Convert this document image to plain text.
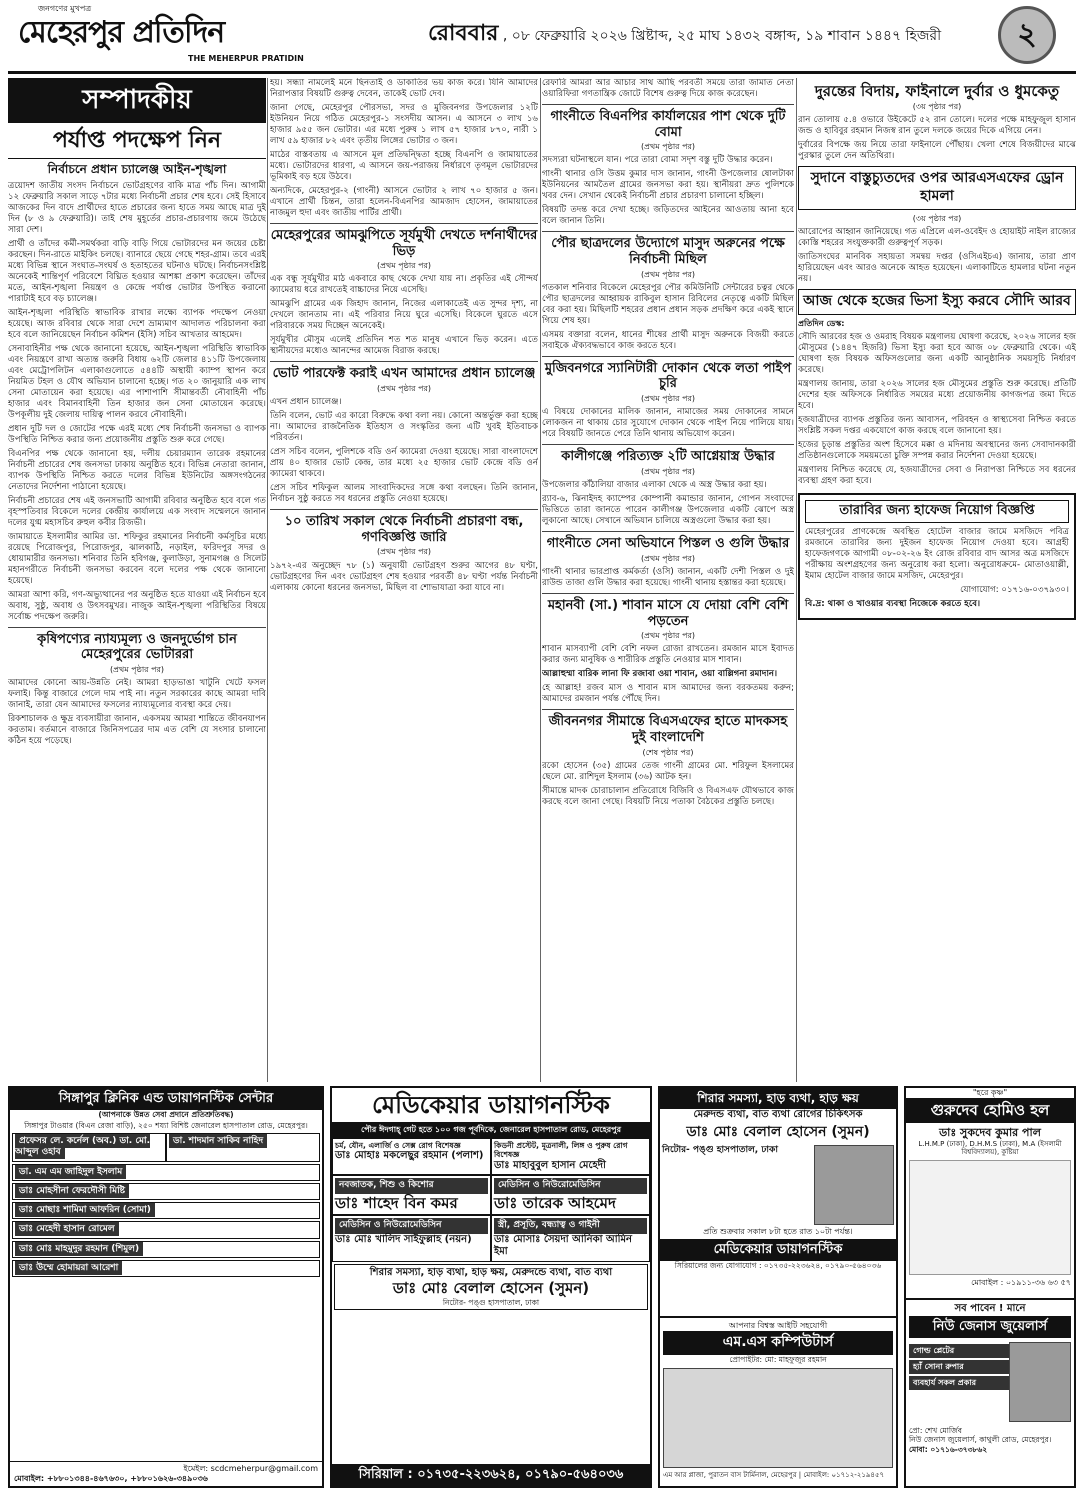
জনগণের মুখপত্র
মেহেরপুর প্রতিদিন
THE MEHERPUR PRATIDIN
রোববার , ০৮ ফেব্রুয়ারি ২০২৬ খ্রিষ্টাব্দ, ২৫ মাঘ ১৪৩২ বঙ্গাব্দ, ১৯ শাবান ১৪৪৭ হিজরী	২
সম্পাদকীয়
পর্যাপ্ত পদক্ষেপ নিন
নির্বাচনে প্রধান চ্যালেঞ্জ আইন-শৃঙ্খলা

ত্রয়োদশ জাতীয় সংসদ নির্বাচনে ভোটগ্রহণের বাকি মাত্র পাঁচ দিন। আগামী ১২ ফেব্রুয়ারি সকাল সাড়ে ৭টার মধ্যে নির্বাচনী প্রচার শেষ হবে। সেই হিসাবে আজকের দিন বাদে প্রার্থীদের হাতে প্রচারের জন্য হাতে সময় আছে মাত্র দুই দিন (৮ ও ৯ ফেব্রুয়ারি)। তাই শেষ মুহূর্তের প্রচার-প্রচারণায় জমে উঠেছে সারা দেশ।

প্রার্থী ও তাঁদের কর্মী-সমর্থকরা বাড়ি বাড়ি গিয়ে ভোটারদের মন জয়ের চেষ্টা করছেন। দিন-রাতে মাইকিং চলছে। ব্যানারে ছেয়ে গেছে শহর-গ্রাম। তবে এরই মধ্যে বিভিন্ন স্থানে সংঘাত-সংঘর্ষ ও হতাহতের ঘটনাও ঘটছে। নির্বাচনসংশ্লিষ্ট অনেকেই শান্তিপূর্ণ পরিবেশে বিঘ্নিত হওয়ার আশঙ্কা প্রকাশ করেছেন। তাঁদের মতে, আইন-শৃঙ্খলা নিয়ন্ত্রণ ও কেন্দ্রে পর্যাপ্ত ভোটার উপস্থিত করানো পারাটাই হবে বড় চ্যালেঞ্জ।

আইন-শৃঙ্খলা পরিস্থিতি স্বাভাবিক রাখার লক্ষ্যে ব্যাপক পদক্ষেপ নেওয়া হয়েছে। আজ রবিবার থেকে সারা দেশে ভ্রাম্যমাণ আদালত পরিচালনা করা হবে বলে জানিয়েছেন নির্বাচন কমিশন (ইসি) সচিব আখতার আহমেদ।

সেনাবাহিনীর পক্ষ থেকে জানানো হয়েছে, আইন-শৃঙ্খলা পরিস্থিতি স্বাভাবিক এবং নিয়ন্ত্রণে রাখা অত্যন্ত জরুরি বিধায় ৬২টি জেলার ৪১১টি উপজেলায় এবং মেট্রোপলিটন এলাকাগুলোতে ৫৪৪টি অস্থায়ী ক্যাম্প স্থাপন করে নিয়মিত টহল ও যৌথ অভিযান চালানো হচ্ছে। গত ২০ জানুয়ারি এক লাখ সেনা মোতায়েন করা হয়েছে। এর পাশাপাশি সীমান্তবর্তী নৌবাহিনী পাঁচ হাজার এবং বিমানবাহিনী তিন হাজার জন সেনা মোতায়েন করেছে। উপকূলীয় দুই জেলায় দায়িত্ব পালন করবে নৌবাহিনী।

প্রধান দুটি দল ও জোটের পক্ষে এরই মধ্যে শেষ নির্বাচনী জনসভা ও ব্যাপক উপস্থিতি নিশ্চিত করার জন্য প্রয়োজনীয় প্রস্তুতি শুরু করে গেছে।

বিএনপির পক্ষ থেকে জানানো হয়, দলীয় চেয়ারম্যান তারেক রহমানের নির্বাচনী প্রচারের শেষ জনসভা ঢাকায় অনুষ্ঠিত হবে। বিভিন্ন নেতারা জানান, ব্যাপক উপস্থিতি নিশ্চিত করতে দলের বিভিন্ন ইউনিটের অঙ্গসংগঠনের নেতাদের নির্দেশনা পাঠানো হয়েছে।

নির্বাচনী প্রচারের শেষ এই জনসভাটি আগামী রবিবার অনুষ্ঠিত হবে বলে গত বৃহস্পতিবার বিকেলে দলের কেন্দ্রীয় কার্যালয়ে এক সংবাদ সম্মেলনে জানান দলের যুগ্ম মহাসচিব রুহুল কবীর রিজভী।

জামায়াতে ইসলামীর আমির ডা. শফিকুর রহমানের নির্বাচনী কর্মসূচির মধ্যে রয়েছে পিরোজপুর, পিরোজপুর, ঝালকাঠি, নড়াইল, ফরিদপুর সদর ও ধোয়ামারীর জনসভা। শনিবার তিনি হবিগঞ্জ, কুলাউড়া, সুনামগঞ্জ ও সিলেট মহানগরীতে নির্বাচনী জনসভা করবেন বলে দলের পক্ষ থেকে জানানো হয়েছে।

আমরা আশা করি, গণ-অভ্যুত্থানের পর অনুষ্ঠিত হতে যাওয়া এই নির্বাচন হবে অবাধ, সুষ্ঠু, অবাধ ও উৎসবমুখর। নাজুক আইন-শৃঙ্খলা পরিস্থিতির বিষয়ে সর্বোচ্চ পদক্ষেপ জরুরি।

কৃষিপণ্যের ন্যায্যমূল্য ও জনদুর্ভোগ চান মেহেরপুরের ভোটাররা
(প্রথম পৃষ্ঠার পর)

আমাদের কোনো আয়-উন্নতি নেই। আমরা হাড়ভাঙা খাটুনি খেটে ফসল ফলাই। কিন্তু বাজারে গেলে দাম পাই না। নতুন সরকারের কাছে আমরা দাবি জানাই, তারা যেন আমাদের ফসলের ন্যায্যমূল্যের ব্যবস্থা করে দেয়।

রিকশাচালক ও ক্ষুদ্র ব্যবসায়ীরা জানান, একসময় আমরা শান্তিতে জীবনযাপন করতাম। বর্তমানে বাজারে জিনিসপত্রের দাম এত বেশি যে সংসার চালানো কঠিন হয়ে পড়েছে।

হয়। সন্ধ্যা নামলেই মনে ছিনতাই ও ডাকাতির ভয় কাজ করে। যিনি আমাদের নিরাপত্তার বিষয়টি গুরুত্ব দেবেন, তাকেই ভোট দেব।

জানা গেছে, মেহেরপুর পৌরসভা, সদর ও মুজিবনগর উপজেলার ১২টি ইউনিয়ন নিয়ে গঠিত মেহেরপুর-১ সংসদীয় আসন। এ আসনে ৩ লাখ ১৬ হাজার ৯৫৫ জন ভোটার। এর মধ্যে পুরুষ ১ লাখ ৫৭ হাজার ৮৭০, নারী ১ লাখ ৫৯ হাজার ৮২ এবং তৃতীয় লিঙ্গের ভোটার ৩ জন।

মাঠের বাস্তবতায় এ আসনে মূল প্রতিদ্বন্দ্বিতা হচ্ছে বিএনপি ও জামায়াতের মধ্যে। ভোটারদের ধারণা, এ আসনে জয়-পরাজয় নির্ধারণে তৃণমূল ভোটারদের ভূমিকাই বড় হয়ে উঠবে।

অন্যদিকে, মেহেরপুর-২ (গাংনী) আসনে ভোটার ২ লাখ ৭০ হাজার ৫ জন। এখানে প্রার্থী চিন্তন, তারা হলেন-বিএনপির আমজাদ হোসেন, জামায়াতের নাজমুল হুদা এবং জাতীয় পার্টির প্রার্থী।

মেহেরপুরের আমঝুপিতে সূর্যমুখী দেখতে দর্শনার্থীদের ভিড়
(প্রথম পৃষ্ঠার পর)

এক বন্ধু সূর্যমুখীর মাঠ একবারে কাছ থেকে দেখা যায় না। প্রকৃতির এই সৌন্দর্য ক্যামেরায় ধরে রাখতেই বাচ্চাদের নিয়ে এসেছি।

আমঝুপি গ্রামের এক জিহাদ জানান, নিজের এলাকাতেই এত সুন্দর দৃশ্য, না দেখলে জানতাম না। এই পরিবার নিয়ে ঘুরে এসেছি। বিকেলে ঘুরতে এসে পরিবারকে সময় দিচ্ছেন অনেকেই।

সূর্যমুখীর মৌসুম এলেই প্রতিদিন শত শত মানুষ এখানে ভিড় করেন। এতে স্থানীয়দের মধ্যেও আনন্দের আমেজ বিরাজ করছে।

ভোট পারফেক্ট করাই এখন আমাদের প্রধান চ্যালেঞ্জ
(প্রথম পৃষ্ঠার পর)

এখন প্রধান চ্যালেঞ্জ।

তিনি বলেন, ভোট এর কারো বিরুদ্ধে কথা বলা নয়। কোনো অন্তর্ভুক্ত করা হচ্ছে না। আমাদের রাজনৈতিক ইতিহাস ও সংস্কৃতির জন্য এটি খুবই ইতিবাচক পরিবর্তন।

প্রেস সচিব বলেন, পুলিশকে বডি ওর্ন ক্যামেরা দেওয়া হয়েছে। সারা বাংলাদেশে প্রায় ৪০ হাজার ভোট কেন্দ্র, তার মধ্যে ২৫ হাজার ভোট কেন্দ্রে বডি ওর্ন ক্যামেরা থাকবে।

প্রেস সচিব শফিকুল আলম সাংবাদিকদের সঙ্গে কথা বলছেন। তিনি জানান, নির্বাচন সুষ্ঠু করতে সব ধরনের প্রস্তুতি নেওয়া হয়েছে।

১০ তারিখ সকাল থেকে নির্বাচনী প্রচারণা বন্ধ, গণবিজ্ঞপ্তি জারি
(প্রথম পৃষ্ঠার পর)

১৯৭২-এর অনুচ্ছেদ ৭৮ (১) অনুযায়ী ভোটগ্রহণ শুরুর আগের ৪৮ ঘণ্টা, ভোটগ্রহণের দিন এবং ভোটগ্রহণ শেষ হওয়ার পরবর্তী ৪৮ ঘণ্টা পর্যন্ত নির্বাচনী এলাকায় কোনো ধরনের জনসভা, মিছিল বা শোভাযাত্রা করা যাবে না।

রেফারি আমরা আর আচার সাথ আছি পরবর্তী সময়ে তারা জামাত নেতা ওয়ারিফিরা গণতান্ত্রিক জোটে বিশেষ গুরুত্ব দিয়ে কাজ করেছেন।

গাংনীতে বিএনপির কার্যালয়ের পাশ থেকে দুটি বোমা
(প্রথম পৃষ্ঠার পর)

সদস্যরা ঘটনাস্থলে যান। পরে তারা বোমা সদৃশ বস্তু দুটি উদ্ধার করেন।

গাংনী থানার ওসি উত্তম কুমার দাস জানান, গাংনী উপজেলার ষোলটাকা ইউনিয়নের আমতৈল গ্রামের জনসভা করা হয়। স্থানীয়রা দ্রুত পুলিশকে খবর দেন। সেখান থেকেই নির্বাচনী প্রচার প্রচারণা চালানো হচ্ছিল।

বিষয়টি তদন্ত করে দেখা হচ্ছে। জড়িতদের আইনের আওতায় আনা হবে বলে জানান তিনি।

পৌর ছাত্রদলের উদ্যোগে মাসুদ অরুনের পক্ষে নির্বাচনী মিছিল
(প্রথম পৃষ্ঠার পর)

গতকাল শনিবার বিকেলে মেহেরপুর পৌর কমিউনিটি সেন্টারের চত্বর থেকে পৌর ছাত্রদলের আহ্বায়ক রাকিবুল হাসান রিবিলের নেতৃত্বে একটি মিছিল বের করা হয়। মিছিলটি শহরের প্রধান প্রধান সড়ক প্রদক্ষিণ করে একই স্থানে গিয়ে শেষ হয়।

এসময় বক্তারা বলেন, ধানের শীষের প্রার্থী মাসুদ অরুনকে বিজয়ী করতে সবাইকে ঐক্যবদ্ধভাবে কাজ করতে হবে।

মুজিবনগরে স্যানিটারী দোকান থেকে লতা পাইপ চুরি
(প্রথম পৃষ্ঠার পর)

এ বিষয়ে দোকানের মালিক জানান, নামাজের সময় দোকানের সামনে লোকজন না থাকায় চোর সুযোগে দোকান থেকে পাইপ নিয়ে পালিয়ে যায়। পরে বিষয়টি জানতে পেরে তিনি থানায় অভিযোগ করেন।

কালীগঞ্জে পরিত্যক্ত ২টি আগ্নেয়াস্ত্র উদ্ধার
(প্রথম পৃষ্ঠার পর)

উপজেলার কাঁঠালিয়া বাজার এলাকা থেকে এ অস্ত্র উদ্ধার করা হয়।

র‍্যাব-৬, ঝিনাইদহ ক্যাম্পের কোম্পানী কমান্ডার জানান, গোপন সংবাদের ভিত্তিতে তারা জানতে পারেন কালীগঞ্জ উপজেলার একটি ঝোপে অস্ত্র লুকানো আছে। সেখানে অভিযান চালিয়ে অস্ত্রগুলো উদ্ধার করা হয়।

গাংনীতে সেনা অভিযানে পিস্তল ও গুলি উদ্ধার
(প্রথম পৃষ্ঠার পর)

গাংনী থানার ভারপ্রাপ্ত কর্মকর্তা (ওসি) জানান, একটি দেশী পিস্তল ও দুই রাউন্ড তাজা গুলি উদ্ধার করা হয়েছে। গাংনী থানায় হস্তান্তর করা হয়েছে।

মহানবী (সা.) শাবান মাসে যে দোয়া বেশি বেশি পড়তেন
(প্রথম পৃষ্ঠার পর)

শাবান মাসব্যাপী বেশি বেশি নফল রোজা রাখতেন। রমজান মাসে ইবাদত করার জন্য মানুষিক ও শারীরিক প্রস্তুতি নেওয়ার মাস শাবান।

আল্লাহুম্মা বারিক লানা ফি রজাবা ওয়া শাবান, ওয়া বাল্লিগনা রমাদান।

হে আল্লাহ! রজব মাস ও শাবান মাস আমাদের জন্য বরকতময় করুন; আমাদের রমজান পর্যন্ত পৌঁছে দিন।

জীবননগর সীমান্তে বিএসএফের হাতে মাদকসহ দুই বাংলাদেশি
(শেষ পৃষ্ঠার পর)

রকো হোসেন (৩৫) গ্রামের তেজ গাংনী গ্রামের মো. শরিফুল ইসলামের ছেলে মো. রাশিদুল ইসলাম (৩৬) আটক হন।

সীমান্তে মাদক চোরাচালান প্রতিরোধে বিজিবি ও বিএসএফ যৌথভাবে কাজ করছে বলে জানা গেছে। বিষয়টি নিয়ে পতাকা বৈঠকের প্রস্তুতি চলছে।

দুরন্তের বিদায়, ফাইনালে দুর্বার ও ধুমকেতু
(৩য় পৃষ্ঠার পর)

রান তোলায় ৫.৪ ওভারে উইকেটে ৫২ রান তোলে। দলের পক্ষে মাহফুজুল হাসান জন্ড ও হাবিবুর রহমান নিজস্ব রান তুলে দলকে জয়ের দিকে এগিয়ে নেন।

দুর্বারের বিপক্ষে জয় নিয়ে তারা ফাইনালে পৌঁছায়। খেলা শেষে বিজয়ীদের মাঝে পুরস্কার তুলে দেন অতিথিরা।

সুদানে বাস্তুচ্যুতদের ওপর আরএসএফের ড্রোন হামলা
(৩য় পৃষ্ঠার পর)

আরোপের আহ্বান জানিয়েছে। গত এপ্রিলে এল-ওবেইদ ও হোয়াইট নাইল রাজ্যের কোস্তি শহরের সংযুক্তকারী গুরুত্বপূর্ণ সড়ক।

জাতিসংঘের মানবিক সহায়তা সমন্বয় দপ্তর (ওসিএইচএ) জানায়, তারা প্রাণ হারিয়েছেন এবং আরও অনেকে আহত হয়েছেন। এলাকাটিতে হামলার ঘটনা নতুন নয়।

আজ থেকে হজের ভিসা ইস্যু করবে সৌদি আরব
প্রতিদিন ডেস্ক:

সৌদি আরবের হজ ও ওমরাহ বিষয়ক মন্ত্রণালয় ঘোষণা করেছে, ২০২৬ সালের হজ মৌসুমের (১৪৪৭ হিজরি) ভিসা ইস্যু করা হবে আজ ০৮ ফেব্রুয়ারি থেকে। এই ঘোষণা হজ বিষয়ক অফিসগুলোর জন্য একটি আনুষ্ঠানিক সময়সূচি নির্ধারণ করেছে।

মন্ত্রণালয় জানায়, তারা ২০২৬ সালের হজ মৌসুমের প্রস্তুতি শুরু করেছে। প্রতিটি দেশের হজ অফিসকে নির্ধারিত সময়ের মধ্যে প্রয়োজনীয় কাগজপত্র জমা দিতে হবে।

হজযাত্রীদের ব্যাপক প্রস্তুতির জন্য আবাসন, পরিবহন ও স্বাস্থ্যসেবা নিশ্চিত করতে সংশ্লিষ্ট সকল দপ্তর একযোগে কাজ করছে বলে জানানো হয়।

হজের চূড়ান্ত প্রস্তুতির অংশ হিসেবে মক্কা ও মদিনায় অবস্থানের জন্য সেবাদানকারী প্রতিষ্ঠানগুলোকে সময়মতো চুক্তি সম্পন্ন করার নির্দেশনা দেওয়া হয়েছে।

মন্ত্রণালয় নিশ্চিত করেছে যে, হজযাত্রীদের সেবা ও নিরাপত্তা নিশ্চিতে সব ধরনের ব্যবস্থা গ্রহণ করা হবে।

তারাবির জন্য হাফেজ নিয়োগ বিজ্ঞপ্তি

মেহেরপুরের প্রাণকেন্দ্রে অবস্থিত হোটেল বাজার জামে মসজিদে পবিত্র রমজানে তারাবির জন্য দুইজন হাফেজ নিয়োগ দেওয়া হবে। আগ্রহী হাফেজগণকে আগামী ০৮-০২-২৬ ইং রোজ রবিবার বাদ আসর অত্র মসজিদে পরীক্ষায় অংশগ্রহণের জন্য অনুরোধ করা হলো। অনুরোধক্রমে- মোতাওয়াল্লী, ইমাম হোটেল বাজার জামে মসজিদ, মেহেরপুর।

যোগাযোগ: ০১৭১৬-০৩৭৯৩০।

বি.দ্র: থাকা ও খাওয়ার ব্যবস্থা নিজেকে করতে হবে।

সিঙ্গাপুর ক্লিনিক এন্ড ডায়াগনস্টিক সেন্টার
(আপনাকে উন্নত সেবা প্রদানে প্রতিশ্রুতিবদ্ধ)
সিঙ্গাপুর টাওয়ার (বিএন রেজা বাড়ি), ২৫০ শয্যা বিশিষ্ট জেনারেল হাসপাতাল রোড, মেহেরপুর।
প্রফেসর লে. কর্নেল (অব.) ডা. মো. আব্দুল ওহাব
ডা. শাদমান সাকিব নাহিদ
ডা. এম এম জাহিদুল ইসলাম
ডাঃ মোহসীনা ফেরদৌসী মিষ্টি
ডাঃ মোছাঃ শামিমা আফরিন (সোমা)
ডাঃ মেহেদী হাসান রোমেল
ডাঃ মোঃ মাহমুদুর রহমান (শিমুল)
ডাঃ উম্মে হোমায়রা আরেশা
ইমেইল: scdcmeherpur@gmail.com
মোবাইল: +৮৮০১৩৪৪-৪৬৭৬৩০, +৮৮০১৬২৬-৩৪৯০৩৬
মেডিকেয়ার ডায়াগনস্টিক
পৌর ঈদগাহ্ গেট হতে ১০০ গজ পূর্বদিকে, জেনারেল হাসপাতাল রোড, মেহেরপুর
চর্ম, যৌন, এলার্জি ও সেক্স রোগ বিশেষজ্ঞ
ডাঃ মোহাঃ মকলেছুর রহমান (পলাশ)
কিডনী প্রস্টেট, মূত্রনালী, লিঙ্গ ও পুরুষ রোগ বিশেষজ্ঞ
ডাঃ মাহাবুবুল হাসান মেহেদী
নবজাতক, শিশু ও কিশোর
ডাঃ শাহেদ বিন কমর
মেডিসিন ও নিউরোমেডিসিন
ডাঃ তারেক আহমেদ
মেডিসিন ও নিউরোমেডিসিন
ডাঃ মোঃ খালিদ সাইফুল্লাহ (নয়ন)
স্ত্রী, প্রসূতি, বন্ধ্যাত্ব ও গাইনী
ডাঃ মোসাঃ সৈয়দা আনিকা আমিন ইমা
শিরার সমস্যা, হাড় ব্যথা, হাড় ক্ষয়, মেরুদন্ডে ব্যথা, বাত ব্যথা
ডাঃ মোঃ বেলাল হোসেন (সুমন)
নিটোর- পঙ্গু হাসপাতাল, ঢাকা
সিরিয়াল : ০১৭৩৫-২২৩৬২৪, ০১৭৯০-৫৬৪০৩৬
শিরার সমস্যা, হাড় ব্যথা, হাড় ক্ষয়
মেরুদন্ড ব্যথা, বাত ব্যথা রোগের চিকিৎসক
ডাঃ মোঃ বেলাল হোসেন (সুমন)
নিটোর- পঙ্গু হাসপাতাল, ঢাকা
প্রতি শুক্রবার সকাল ৮টা হতে রাত ১০টা পর্যন্ত।
মেডিকেয়ার ডায়াগনস্টিক
সিরিয়ালের জন্য যোগাযোগ : ০১৭৩৫-২২৩৬২৪, ০১৭৯০-৫৬৪০৩৬
আপনার বিশ্বস্ত আইটি সহযোগী
এম.এস কম্পিউটার্স
প্রোপাইটর: মো: মাহফুজুর রহমান
এম আর প্লাজা, পুরাতন বাস টার্মিনাল, মেহেরপুর | মোবাইল: ০১৭১২-২১৯৪৫৭
"হরে কৃষ্ণ"
গুরুদেব হোমিও হল
ডাঃ সুকদেব কুমার পাল
L.H.M.P (ঢাকা), D.H.M.S (ঢাকা), M.A (ইসলামী বিশ্ববিদ্যালয়), কুষ্টিয়া
মোবাইল : ০১৯১১-৩৬ ৬৩ ৫৭
সব পাবেন ! মানে
নিউ জেনাস জুয়েলার্স
গোল্ড প্লেটের
হ্যাঁ সোনা রুপার
ব্যবহার্য সকল প্রকার
প্রো: শেখ মোর্জিব
নিউ জেনাস জুয়েলার্স, কাথুলী রোড, মেহেরপুর।
মোবা: ০১৭১৬-৩৭৩৮৬২
